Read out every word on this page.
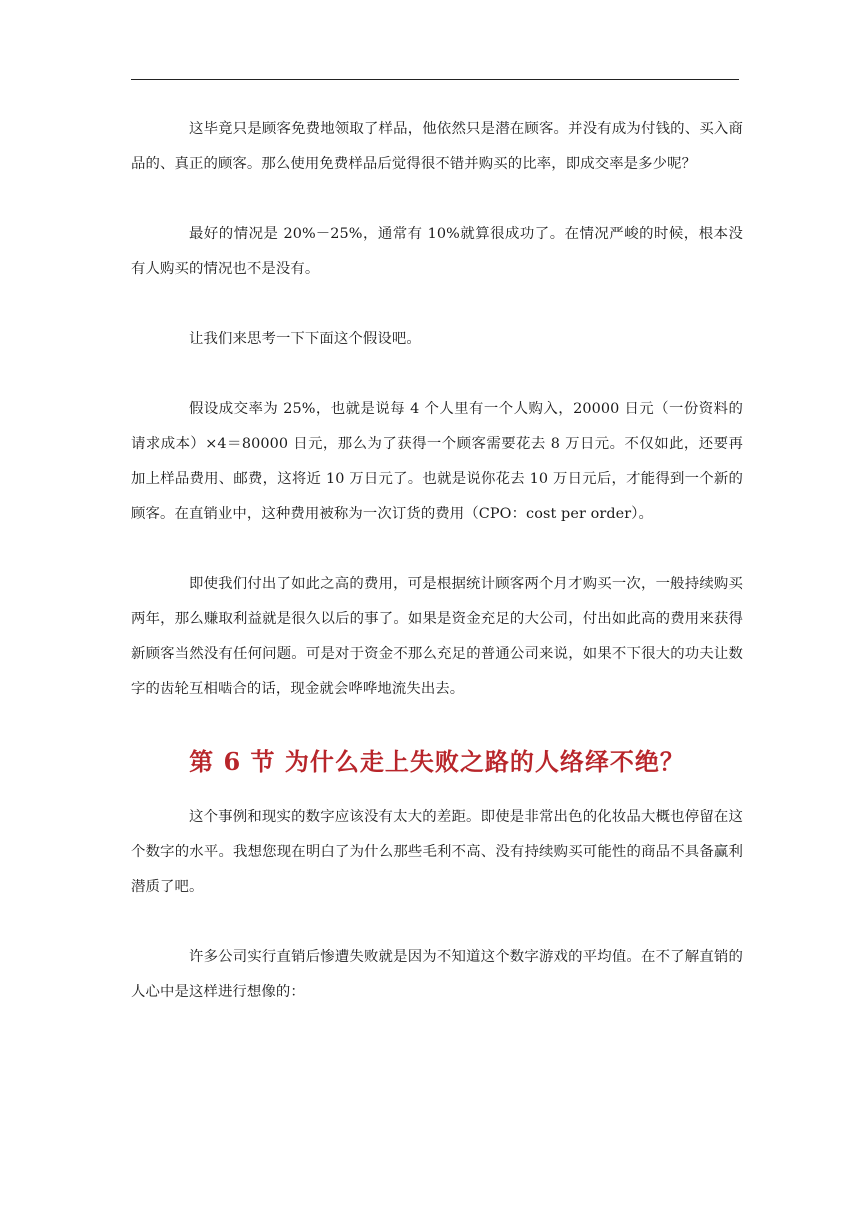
这毕竟只是顾客免费地领取了样品，他依然只是潜在顾客。并没有成为付钱的、买入商品的、真正的顾客。那么使用免费样品后觉得很不错并购买的比率，即成交率是多少呢？

最好的情况是 20%－25%，通常有 10%就算很成功了。在情况严峻的时候，根本没有人购买的情况也不是没有。

让我们来思考一下下面这个假设吧。

假设成交率为 25%，也就是说每 4 个人里有一个人购入，20000 日元（一份资料的请求成本）×4＝80000 日元，那么为了获得一个顾客需要花去 8 万日元。不仅如此，还要再加上样品费用、邮费，这将近 10 万日元了。也就是说你花去 10 万日元后，才能得到一个新的顾客。在直销业中，这种费用被称为一次订货的费用（CPO：cost per order）。

即使我们付出了如此之高的费用，可是根据统计顾客两个月才购买一次，一般持续购买两年，那么赚取利益就是很久以后的事了。如果是资金充足的大公司，付出如此高的费用来获得新顾客当然没有任何问题。可是对于资金不那么充足的普通公司来说，如果不下很大的功夫让数字的齿轮互相啮合的话，现金就会哗哗地流失出去。

第 6 节 为什么走上失败之路的人络绎不绝？

这个事例和现实的数字应该没有太大的差距。即使是非常出色的化妆品大概也停留在这个数字的水平。我想您现在明白了为什么那些毛利不高、没有持续购买可能性的商品不具备赢利潜质了吧。

许多公司实行直销后惨遭失败就是因为不知道这个数字游戏的平均值。在不了解直销的人心中是这样进行想像的：
